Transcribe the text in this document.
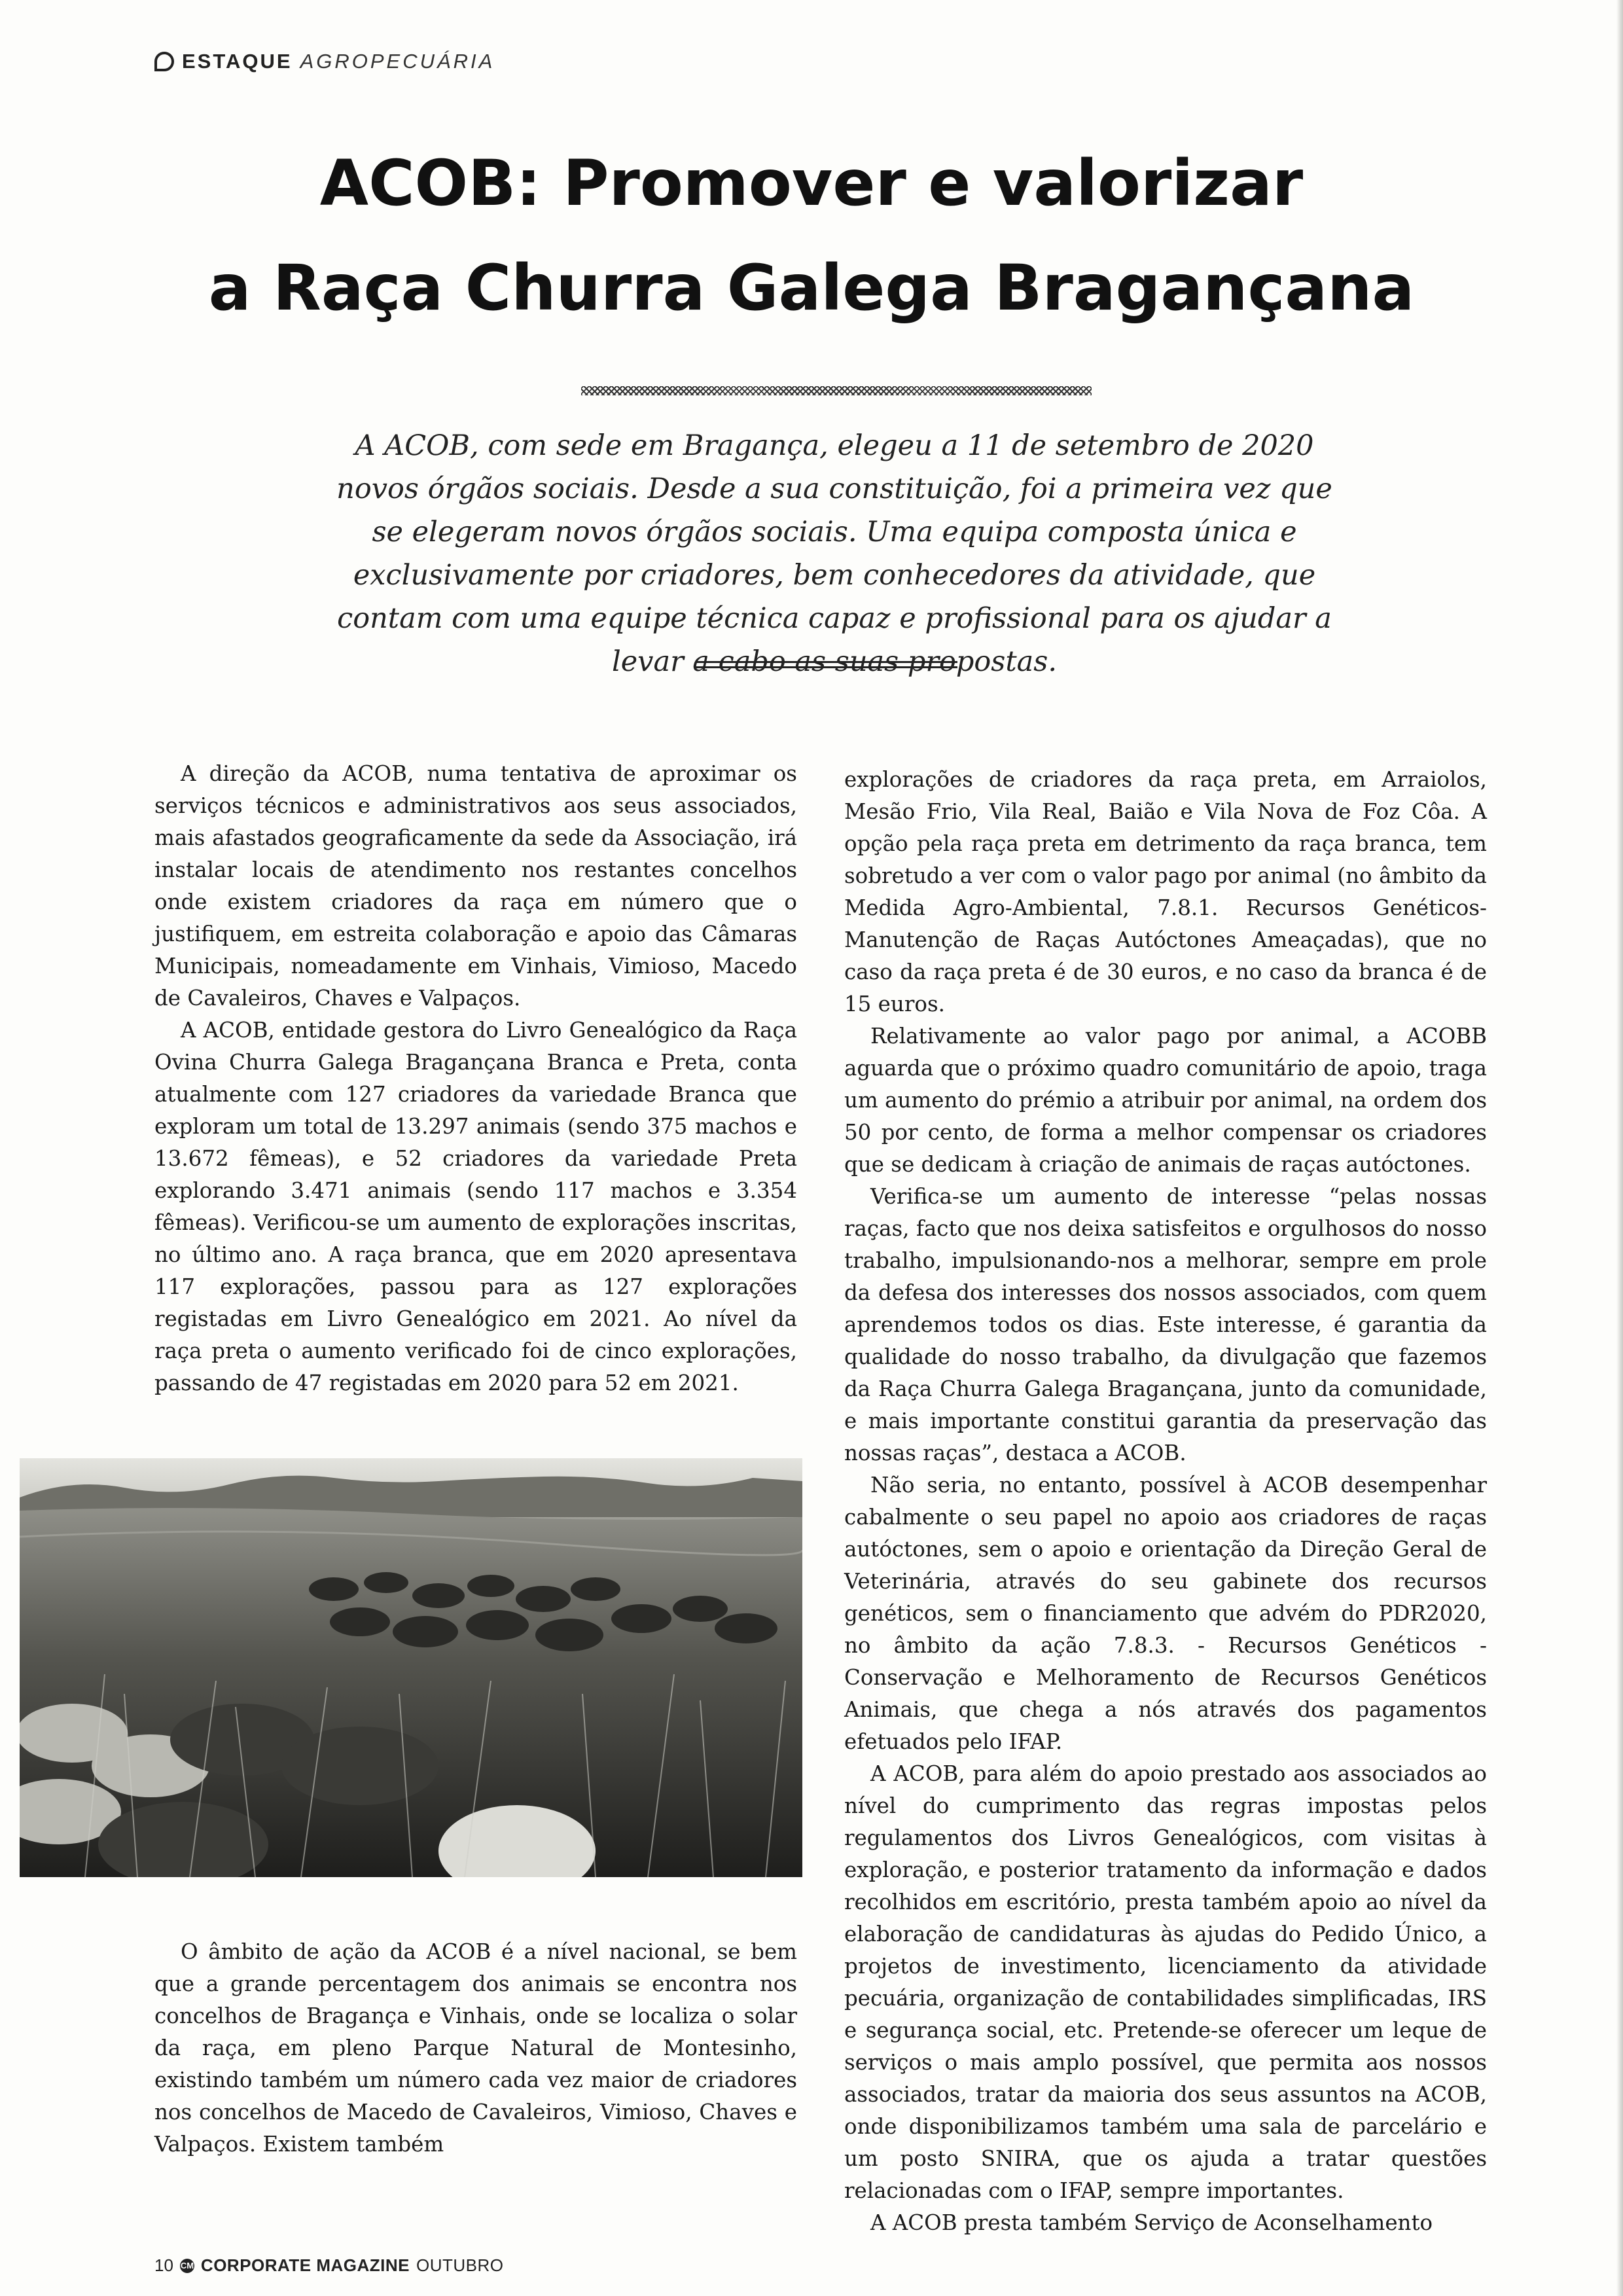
ESTAQUE AGROPECUÁRIA
ACOB: Promover e valorizar
a Raça Churra Galega Bragançana

A ACOB, com sede em Bragança, elegeu a 11 de setembro de 2020 novos órgãos sociais. Desde a sua constituição, foi a primeira vez que se elegeram novos órgãos sociais. Uma equipa composta única e exclusivamente por criadores, bem conhecedores da atividade, que contam com uma equipe técnica capaz e profissional para os ajudar a levar a cabo as suas propostas.

A direção da ACOB, numa tentativa de aproximar os serviços técnicos e administrativos aos seus associados, mais afastados geograficamente da sede da Associação, irá instalar locais de atendimento nos restantes concelhos onde existem criadores da raça em número que o justifiquem, em estreita colaboração e apoio das Câmaras Municipais, nomeadamente em Vinhais, Vimioso, Macedo de Cavaleiros, Chaves e Valpaços.

A ACOB, entidade gestora do Livro Genealógico da Raça Ovina Churra Galega Bragançana Branca e Preta, conta atualmente com 127 criadores da variedade Branca que exploram um total de 13.297 animais (sendo 375 machos e 13.672 fêmeas), e 52 criadores da variedade Preta explorando 3.471 animais (sendo 117 machos e 3.354 fêmeas). Verificou-se um aumento de explorações inscritas, no último ano. A raça branca, que em 2020 apresentava 117 explorações, passou para as 127 explorações registadas em Livro Genealógico em 2021. Ao nível da raça preta o aumento verificado foi de cinco explorações, passando de 47 registadas em 2020 para 52 em 2021.

O âmbito de ação da ACOB é a nível nacional, se bem que a grande percentagem dos animais se encontra nos concelhos de Bragança e Vinhais, onde se localiza o solar da raça, em pleno Parque Natural de Montesinho, existindo também um número cada vez maior de criadores nos concelhos de Macedo de Cavaleiros, Vimioso, Chaves e Valpaços. Existem também

explorações de criadores da raça preta, em Arraiolos, Mesão Frio, Vila Real, Baião e Vila Nova de Foz Côa. A opção pela raça preta em detrimento da raça branca, tem sobretudo a ver com o valor pago por animal (no âmbito da Medida Agro-Ambiental, 7.8.1. Recursos Genéticos-Manutenção de Raças Autóctones Ameaçadas), que no caso da raça preta é de 30 euros, e no caso da branca é de 15 euros.

Relativamente ao valor pago por animal, a ACOBB aguarda que o próximo quadro comunitário de apoio, traga um aumento do prémio a atribuir por animal, na ordem dos 50 por cento, de forma a melhor compensar os criadores que se dedicam à criação de animais de raças autóctones.

Verifica-se um aumento de interesse “pelas nossas raças, facto que nos deixa satisfeitos e orgulhosos do nosso trabalho, impulsionando-nos a melhorar, sempre em prole da defesa dos interesses dos nossos associados, com quem aprendemos todos os dias. Este interesse, é garantia da qualidade do nosso trabalho, da divulgação que fazemos da Raça Churra Galega Bragançana, junto da comunidade, e mais importante constitui garantia da preservação das nossas raças”, destaca a ACOB.

Não seria, no entanto, possível à ACOB desempenhar cabalmente o seu papel no apoio aos criadores de raças autóctones, sem o apoio e orientação da Direção Geral de Veterinária, através do seu gabinete dos recursos genéticos, sem o financiamento que advém do PDR2020, no âmbito da ação 7.8.3. - Recursos Genéticos - Conservação e Melhoramento de Recursos Genéticos Animais, que chega a nós através dos pagamentos efetuados pelo IFAP.

A ACOB, para além do apoio prestado aos associados ao nível do cumprimento das regras impostas pelos regulamentos dos Livros Genealógicos, com visitas à exploração, e posterior tratamento da informação e dados recolhidos em escritório, presta também apoio ao nível da elaboração de candidaturas às ajudas do Pedido Único, a projetos de investimento, licenciamento da atividade pecuária, organização de contabilidades simplificadas, IRS e segurança social, etc. Pretende-se oferecer um leque de serviços o mais amplo possível, que permita aos nossos associados, tratar da maioria dos seus assuntos na ACOB, onde disponibilizamos também uma sala de parcelário e um posto SNIRA, que os ajuda a tratar questões relacionadas com o IFAP, sempre importantes.

A ACOB presta também Serviço de Aconselhamento

10 CM CORPORATE MAGAZINE OUTUBRO
